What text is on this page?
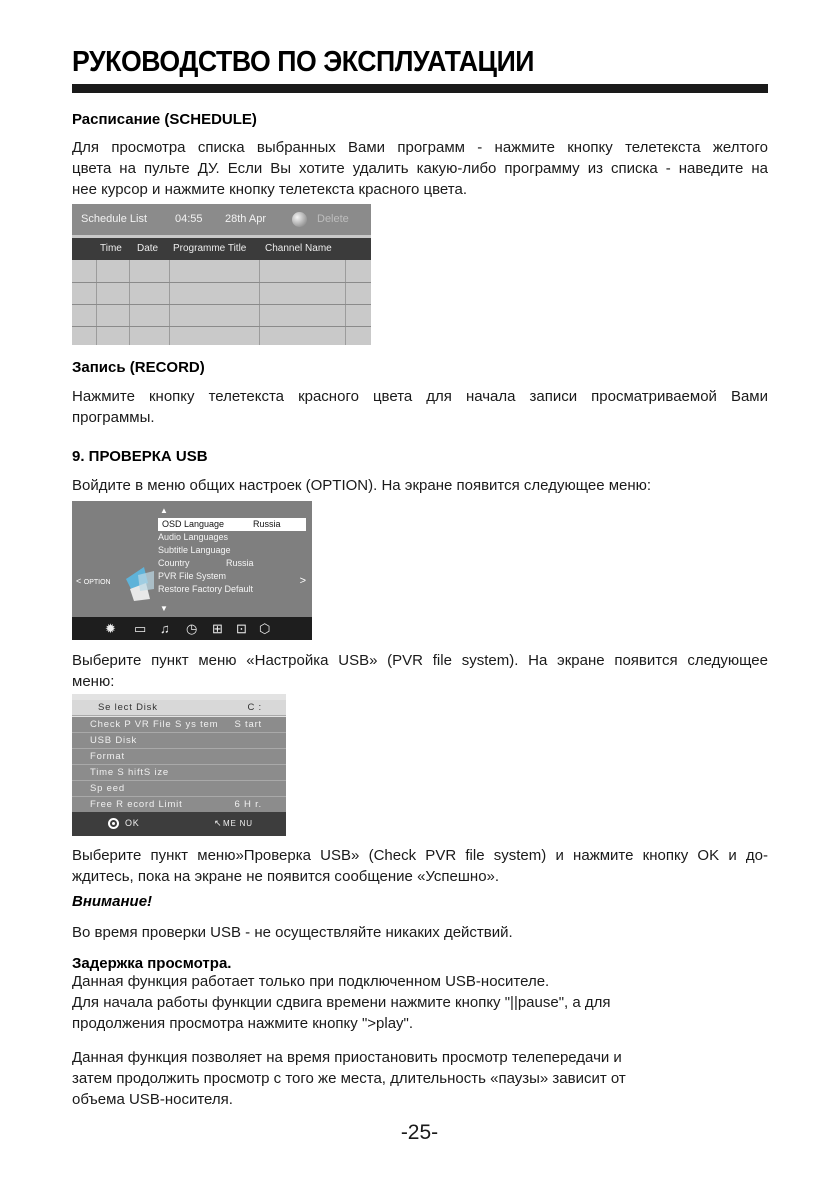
РУКОВОДСТВО ПО ЭКСПЛУАТАЦИИ
Расписание (SCHEDULE)
Для просмотра списка выбранных Вами программ - нажмите кнопку телетекста желтого
цвета на пульте ДУ. Если Вы хотите удалить какую-либо программу из списка - наведите на
нее курсор и нажмите кнопку телетекста красного цвета.
Schedule List	04:55 28th Apr	Delete
Time Date Programme Title Channel Name
Запись (RECORD)
Нажмите кнопку телетекста красного цвета для начала записи просматриваемой Вами
программы.
9. ПРОВЕРКА USB
Войдите в меню общих настроек (OPTION). На экране появится следующее меню:
▲
OSD Language	Russia
Audio Languages
Subtitle Language
Country	Russia
PVR File System
Restore Factory Default
▼
< OPTION	>
✹ ▭ ♫ ◷ ⊞ ⊡ ⬡
Выберите пункт меню «Настройка USB» (PVR file system). На экране появится следующее
меню:
Se lect Disk	C :
Check P VR File S ys tem S tart
USB Disk
Format
Time S hiftS ize
Sp eed
Free R ecord Limit	6 H r.
OK	↖ ME NU
Выберите пункт меню»Проверка USB» (Check PVR file system) и нажмите кнопку OK и до-
ждитесь, пока на экране не появится сообщение «Успешно».
Внимание!
Во время проверки USB - не осуществляйте никаких действий.
Задержка просмотра.
Данная функция работает только при подключенном USB-носителе.
Для начала работы функции сдвига времени нажмите кнопку "||pause", а для
продолжения просмотра нажмите кнопку ">play".
Данная функция позволяет на время приостановить просмотр телепередачи и
затем продолжить просмотр с того же места, длительность «паузы» зависит от
объема USB-носителя.
-25-
